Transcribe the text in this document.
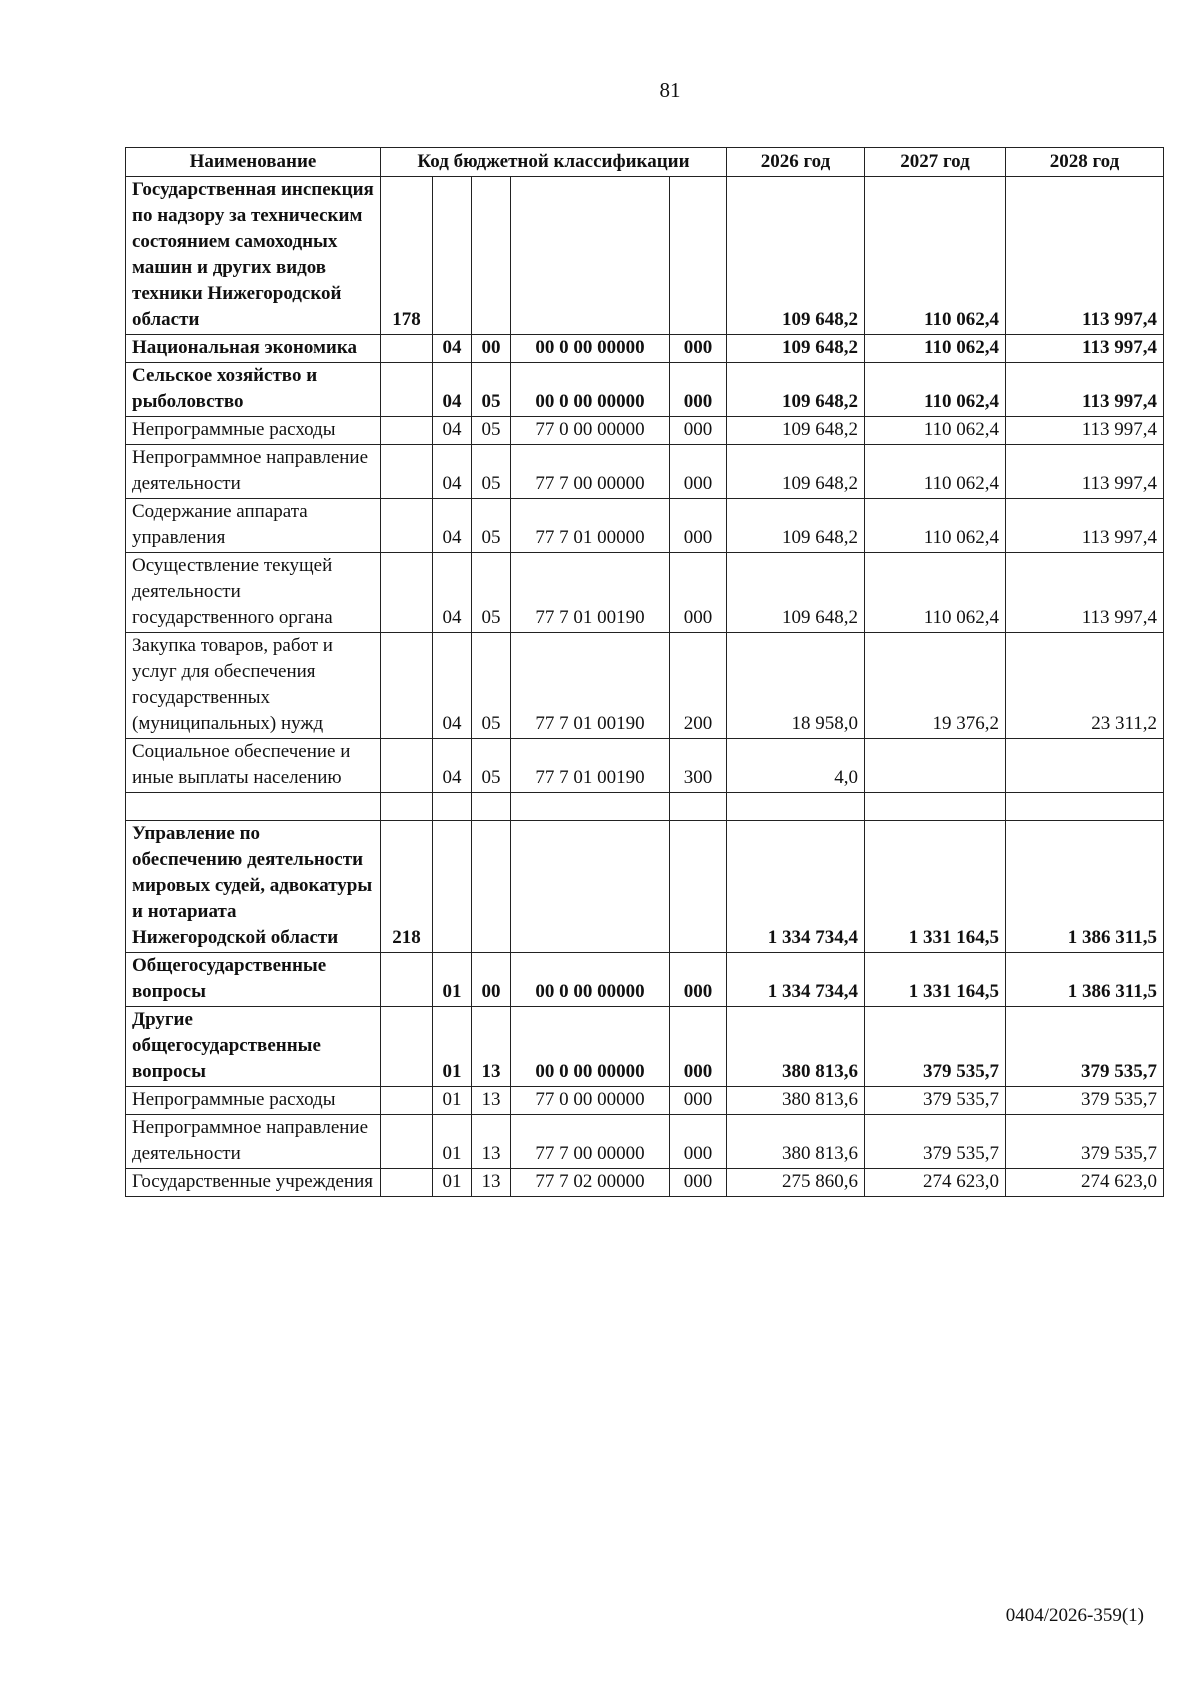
81
Наименование	Код бюджетной классификации					2026 год	2027 год	2028 год
Государственная инспекция по надзору за техническим состоянием самоходных машин и других видов техники Нижегородской области	178					109 648,2	110 062,4	113 997,4
Национальная экономика		04	00	00 0 00 00000	000	109 648,2	110 062,4	113 997,4
Сельское хозяйство и рыболовство		04	05	00 0 00 00000	000	109 648,2	110 062,4	113 997,4
Непрограммные расходы		04	05	77 0 00 00000	000	109 648,2	110 062,4	113 997,4
Непрограммное направление деятельности		04	05	77 7 00 00000	000	109 648,2	110 062,4	113 997,4
Содержание аппарата управления		04	05	77 7 01 00000	000	109 648,2	110 062,4	113 997,4
Осуществление текущей деятельности государственного органа		04	05	77 7 01 00190	000	109 648,2	110 062,4	113 997,4
Закупка товаров, работ и услуг для обеспечения государственных (муниципальных) нужд		04	05	77 7 01 00190	200	18 958,0	19 376,2	23 311,2
Социальное обеспечение и иные выплаты населению		04	05	77 7 01 00190	300	4,0		

Управление по обеспечению деятельности мировых судей, адвокатуры и нотариата Нижегородской области	218					1 334 734,4	1 331 164,5	1 386 311,5
Общегосударственные вопросы		01	00	00 0 00 00000	000	1 334 734,4	1 331 164,5	1 386 311,5
Другие общегосударственные вопросы		01	13	00 0 00 00000	000	380 813,6	379 535,7	379 535,7
Непрограммные расходы		01	13	77 0 00 00000	000	380 813,6	379 535,7	379 535,7
Непрограммное направление деятельности		01	13	77 7 00 00000	000	380 813,6	379 535,7	379 535,7
Государственные учреждения		01	13	77 7 02 00000	000	275 860,6	274 623,0	274 623,0
0404/2026-359(1)
